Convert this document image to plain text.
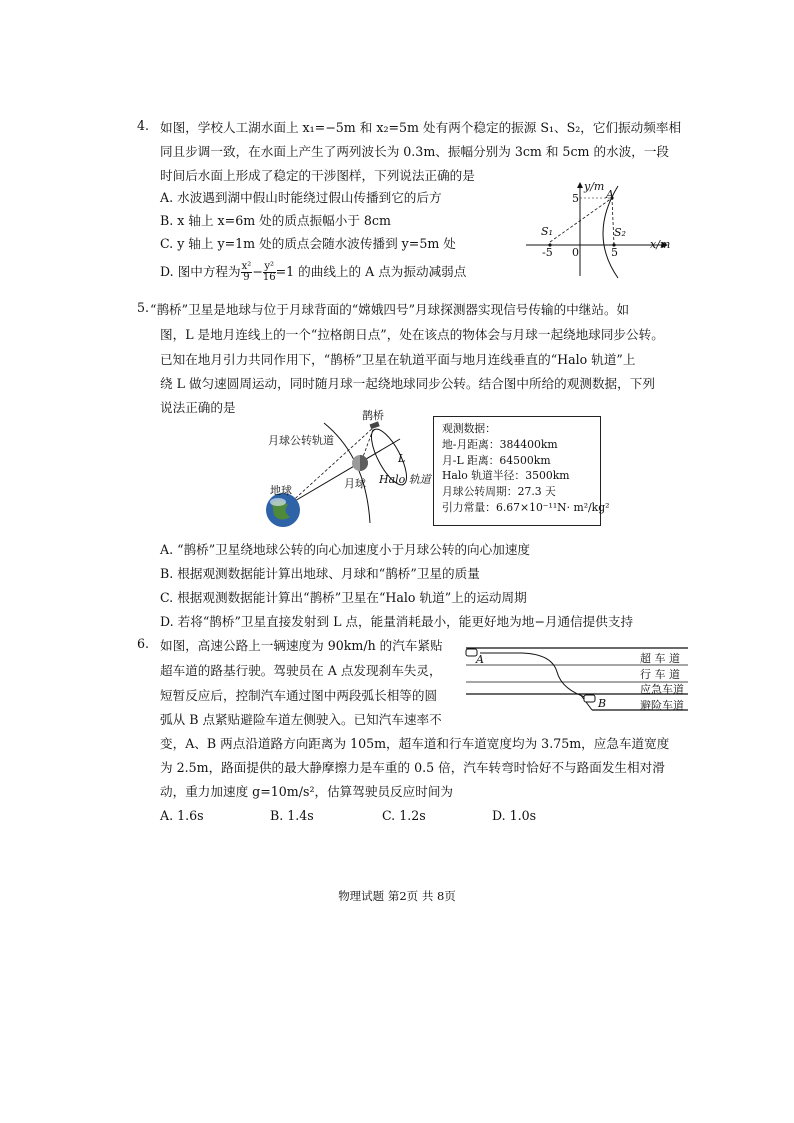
4. 如图，学校人工湖水面上 x₁=−5m 和 x₂=5m 处有两个稳定的振源 S₁、S₂，它们振动频率相
同且步调一致，在水面上产生了两列波长为 0.3m、振幅分别为 3cm 和 5cm 的水波，一段
时间后水面上形成了稳定的干涉图样，下列说法正确的是
A. 水波遇到湖中假山时能绕过假山传播到它的后方
B. x 轴上 x=6m 处的质点振幅小于 8cm
C. y 轴上 y=1m 处的质点会随水波传播到 y=5m 处
D. 图中方程为 $\frac{\text{x²}}{9} - \frac{\text{y²}}{16} =1$ 的曲线上的 A 点为振动减弱点
y/m
x/m
A
S₁	S₂
-5 0	5
5
5. “鹊桥”卫星是地球与位于月球背面的“嫦娥四号”月球探测器实现信号传输的中继站。如
图，L 是地月连线上的一个“拉格朗日点”，处在该点的物体会与月球一起绕地球同步公转。
已知在地月引力共同作用下，“鹊桥”卫星在轨道平面与地月连线垂直的“Halo 轨道”上
绕 L 做匀速圆周运动，同时随月球一起绕地球同步公转。结合图中所给的观测数据，下列
说法正确的是
鹊桥
月球公转轨道
地球
月球 Halo 轨道
L
观测数据：
地-月距离：384400km
月-L 距离：64500km
Halo 轨道半径：3500km
月球公转周期：27.3 天
引力常量：6.67×10⁻¹¹N· m²/kg²
A. “鹊桥”卫星绕地球公转的向心加速度小于月球公转的向心加速度
B. 根据观测数据能计算出地球、月球和“鹊桥”卫星的质量
C. 根据观测数据能计算出“鹊桥”卫星在“Halo 轨道”上的运动周期
D. 若将“鹊桥”卫星直接发射到 L 点，能量消耗最小，能更好地为地−月通信提供支持
6. 如图，高速公路上一辆速度为 90km/h 的汽车紧贴
超车道的路基行驶。驾驶员在 A 点发现刹车失灵，
短暂反应后，控制汽车通过图中两段弧长相等的圆
弧从 B 点紧贴避险车道左侧驶入。已知汽车速率不
变，A、B 两点沿道路方向距离为 105m，超车道和行车道宽度均为 3.75m，应急车道宽度
为 2.5m，路面提供的最大静摩擦力是车重的 0.5 倍，汽车转弯时恰好不与路面发生相对滑
动，重力加速度 g=10m/s²，估算驾驶员反应时间为
超 车 道
行 车 道
应急车道
避险车道
A
B
A. 1.6s	B. 1.4s	C. 1.2s	D. 1.0s
物理试题 第2页 共 8页
